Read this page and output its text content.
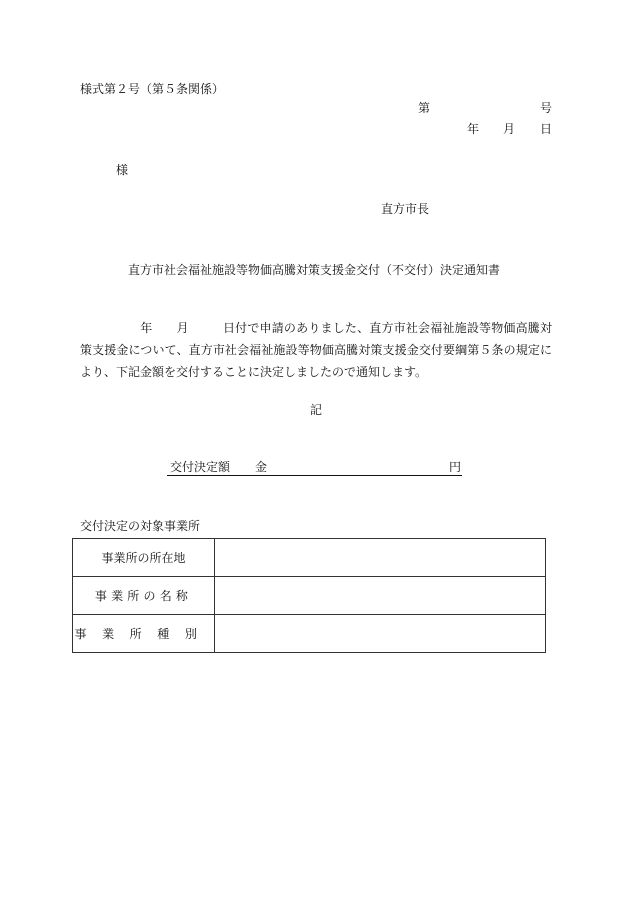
様式第２号（第５条関係）
第	号
年 月 日
様
直方市長
直方市社会福祉施設等物価高騰対策支援金交付（不交付）決定通知書
年 月	日付で申請のありました、直方市社会福祉施設等物価高騰対策支援金について、直方市社会福祉施設等物価高騰対策支援金交付要綱第５条の規定により、下記金額を交付することに決定しましたので通知します。
記
交付決定額 金	円
交付決定の対象事業所
事業所の所在地	
事業所の名称	
事業所種別	
